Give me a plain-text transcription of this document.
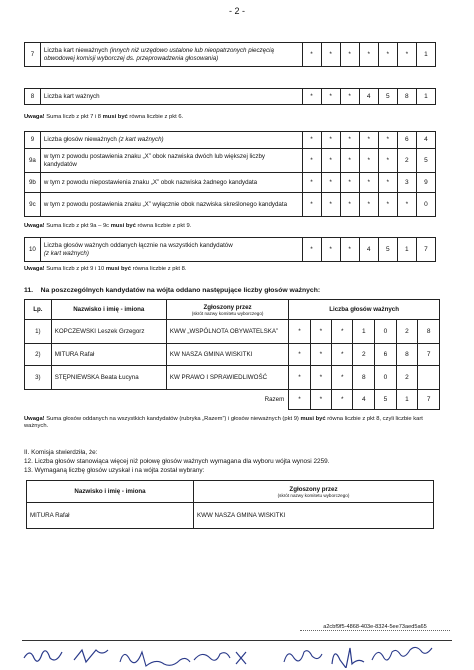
- 2 -
7	Liczba kart nieważnych (innych niż urzędowo ustalone lub nieopatrzonych pieczęcią obwodowej komisji wyborczej ds. przeprowadzenia głosowania)	*	*	*	*	*	*	1
8	Liczba kart ważnych	*	*	*	4	5	8	1
Uwaga! Suma liczb z pkt 7 i 8 musi być równa liczbie z pkt 6.
9	Liczba głosów nieważnych (z kart ważnych)	*	*	*	*	*	6	4
9a	w tym z powodu postawienia znaku „X” obok nazwiska dwóch lub większej liczby kandydatów	*	*	*	*	*	2	5
9b	w tym z powodu niepostawienia znaku „X” obok nazwiska żadnego kandydata	*	*	*	*	*	3	9
9c	w tym z powodu postawienia znaku „X” wyłącznie obok nazwiska skreślonego kandydata	*	*	*	*	*	*	0
Uwaga! Suma liczb z pkt 9a – 9c musi być równa liczbie z pkt 9.
10	Liczba głosów ważnych oddanych łącznie na wszystkich kandydatów
(z kart ważnych)	*	*	*	4	5	1	7
Uwaga! Suma liczb z pkt 9 i 10 musi być równa liczbie z pkt 8.
11. Na poszczególnych kandydatów na wójta oddano następujące liczby głosów ważnych:
Lp.	Nazwisko i imię - imiona	Zgłoszony przez
(skrót nazwy komitetu wyborczego)	Liczba głosów ważnych						
1)	KOPCZEWSKI Leszek Grzegorz	KWW „WSPÓLNOTA OBYWATELSKA”	*	*	*	1	0	2	8
2)	MITURA Rafał	KW NASZA GMINA WISKITKI	*	*	*	2	6	8	7
3)	STĘPNIEWSKA Beata Łucyna	KW PRAWO I SPRAWIEDLIWOŚĆ	*	*	*	8	0	2	
Razem			*	*	*	4	5	1	7
Uwaga! Suma głosów oddanych na wszystkich kandydatów (rubryka „Razem”) i głosów nieważnych (pkt 9) musi być równa liczbie z pkt 8, czyli liczbie kart ważnych.
II. Komisja stwierdziła, że:
12. Liczba głosów stanowiąca więcej niż połowę głosów ważnych wymagana dla wyboru wójta wynosi 2259.
13. Wymaganą liczbę głosów uzyskał i na wójta został wybrany:
Nazwisko i imię - imiona	Zgłoszony przez
(skrót nazwy komitetu wyborczego)

MITURA Rafał	KWW NASZA GMINA WISKITKI
a2cbf9f5-4868-403e-8324-5ee73aed5a65
